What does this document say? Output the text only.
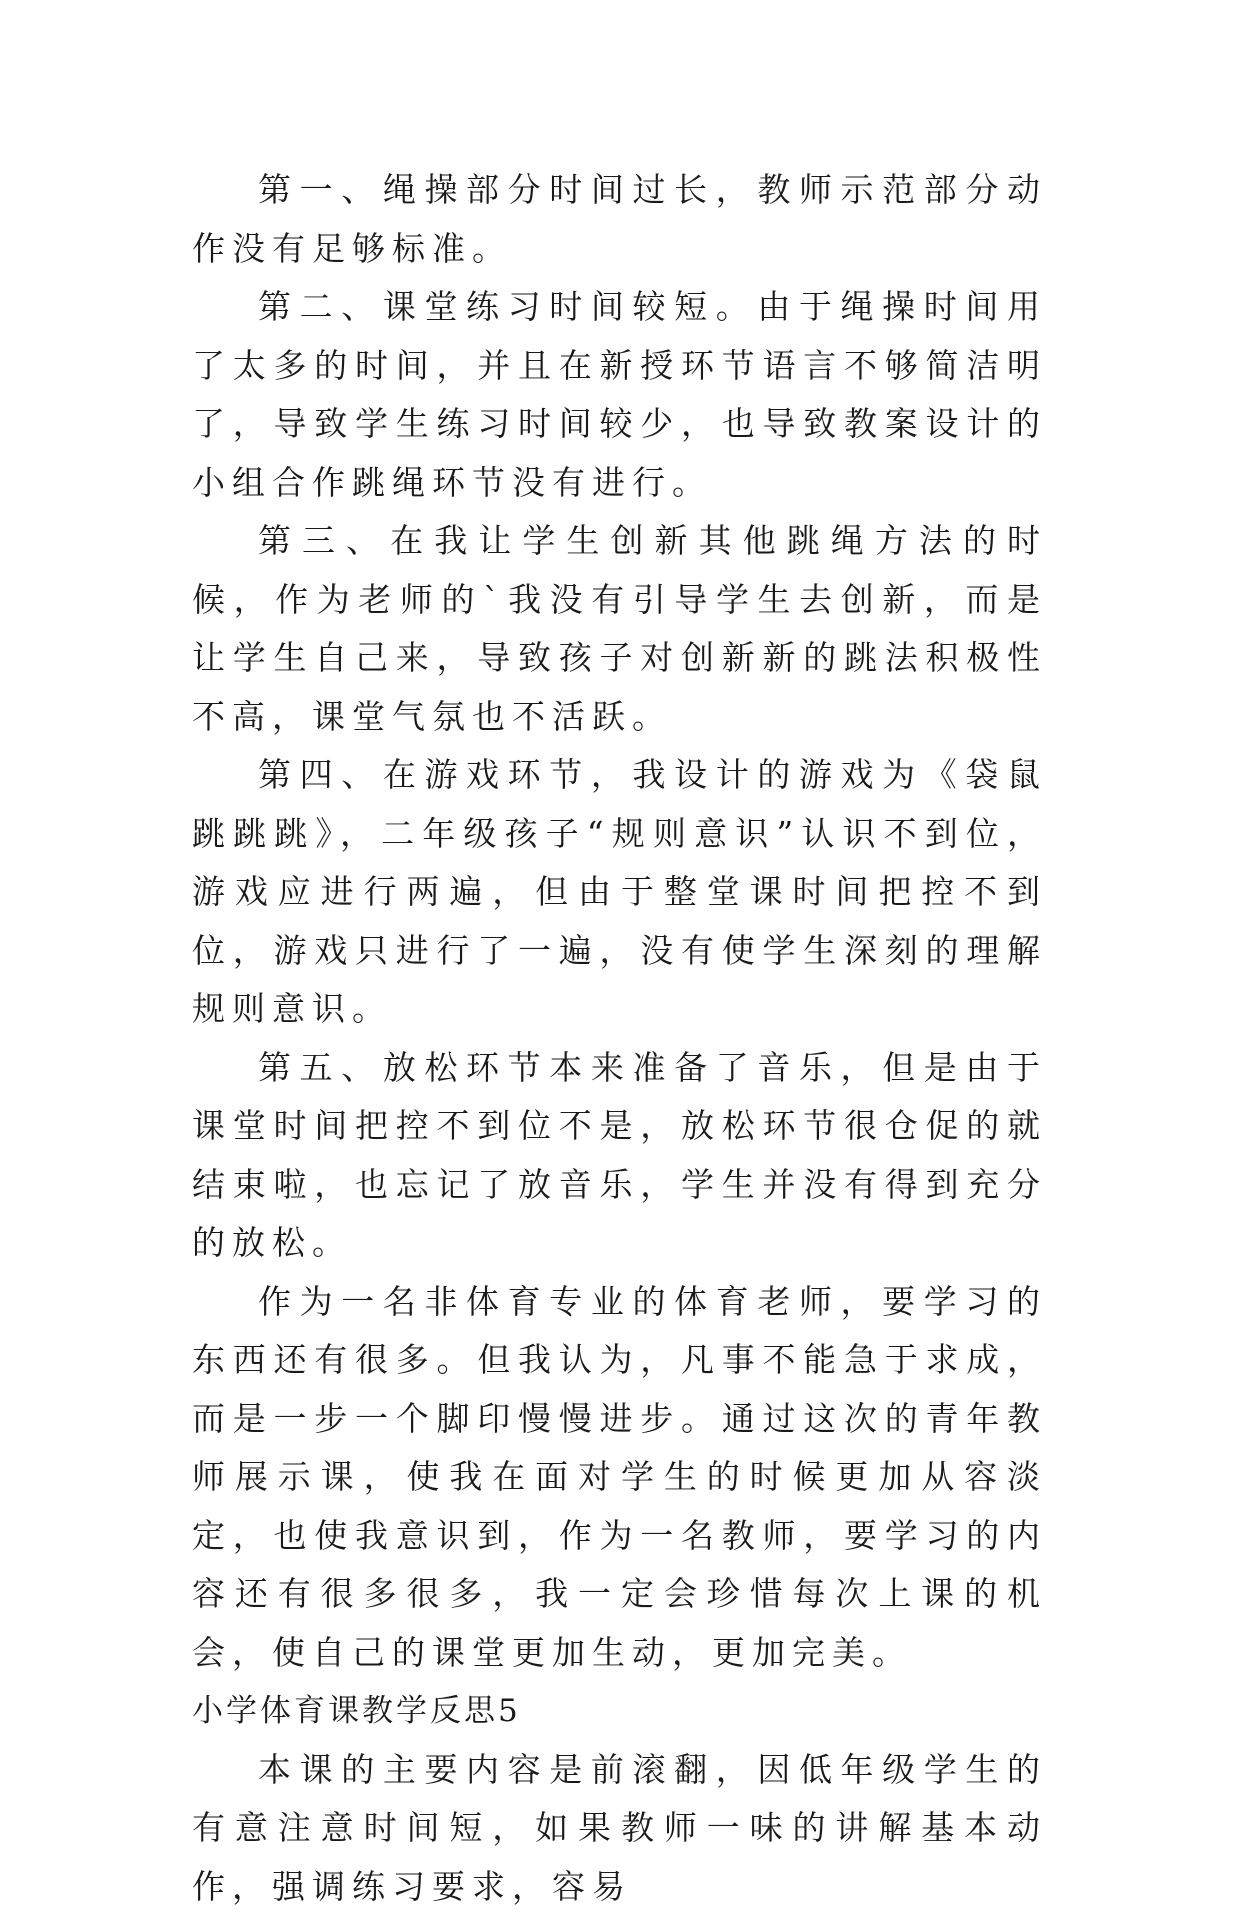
第一、绳操部分时间过长，教师示范部分动作没有足够标准。

第二、课堂练习时间较短。由于绳操时间用了太多的时间，并且在新授环节语言不够简洁明了，导致学生练习时间较少，也导致教案设计的小组合作跳绳环节没有进行。

第三、在我让学生创新其他跳绳方法的时候，作为老师的`我没有引导学生去创新，而是让学生自己来，导致孩子对创新新的跳法积极性不高，课堂气氛也不活跃。

第四、在游戏环节，我设计的游戏为《袋鼠跳跳跳》，二年级孩子“规则意识”认识不到位，游戏应进行两遍，但由于整堂课时间把控不到位，游戏只进行了一遍，没有使学生深刻的理解规则意识。

第五、放松环节本来准备了音乐，但是由于课堂时间把控不到位不是，放松环节很仓促的就结束啦，也忘记了放音乐，学生并没有得到充分的放松。

作为一名非体育专业的体育老师，要学习的东西还有很多。但我认为，凡事不能急于求成，而是一步一个脚印慢慢进步。通过这次的青年教师展示课，使我在面对学生的时候更加从容淡定，也使我意识到，作为一名教师，要学习的内容还有很多很多，我一定会珍惜每次上课的机会，使自己的课堂更加生动，更加完美。

小学体育课教学反思5

本课的主要内容是前滚翻，因低年级学生的有意注意时间短，如果教师一味的讲解基本动作，强调练习要求，容易
